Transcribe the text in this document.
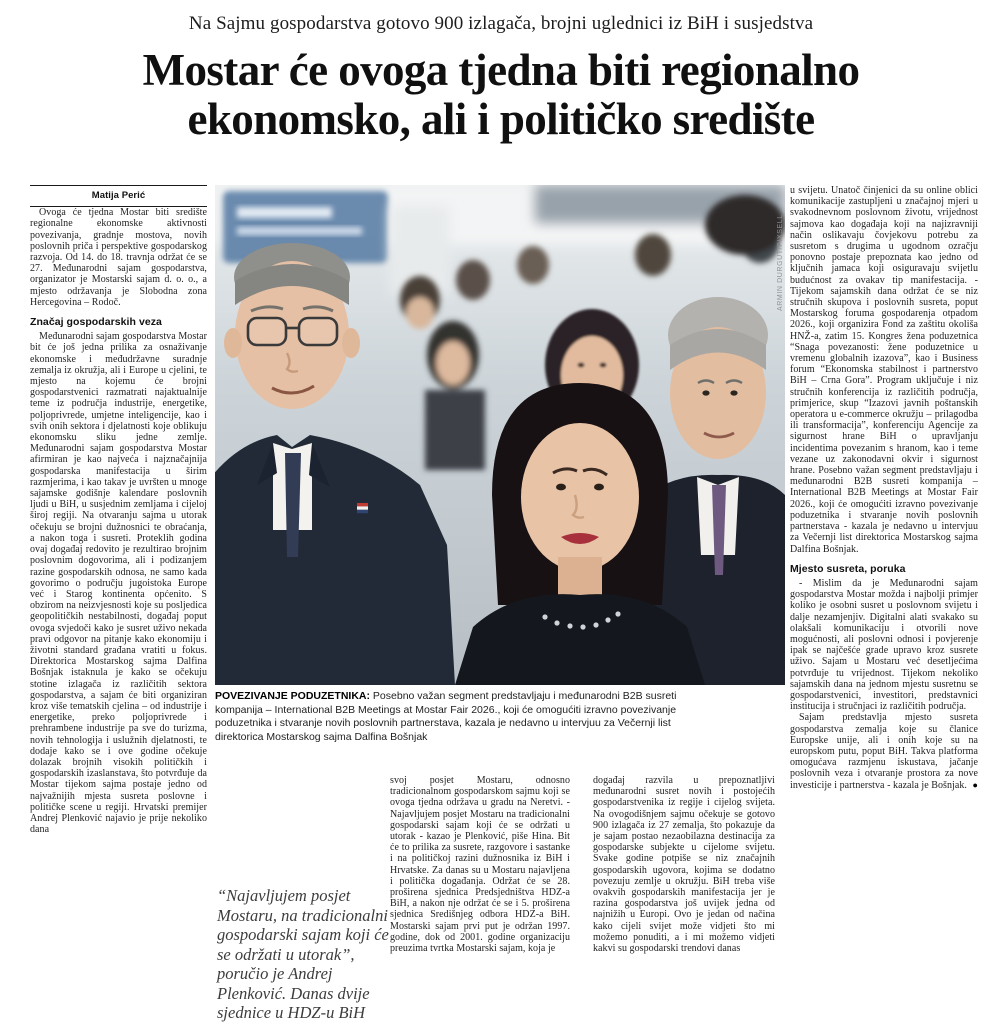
Na Sajmu gospodarstva gotovo 900 izlagača, brojni uglednici iz BiH i susjedstva
Mostar će ovoga tjedna biti regionalno
ekonomsko, ali i političko središte
Matija Perić

Ovoga će tjedna Mostar biti središte regionalne ekonomske aktivnosti povezivanja, gradnje mostova, novih poslovnih priča i perspektive gospodarskog razvoja. Od 14. do 18. travnja održat će se 27. Međunarodni sajam gospodarstva, organizator je Mostarski sajam d. o. o., a mjesto održavanja je Slobodna zona Hercegovina – Rodoč.

Značaj gospodarskih veza

Međunarodni sajam gospodarstva Mostar bit će još jedna prilika za osnaživanje ekonomske i međudržavne suradnje zemalja iz okružja, ali i Europe u cjelini, te mjesto na kojemu će brojni gospodarstvenici razmatrati najaktualnije teme iz područja industrije, energetike, poljoprivrede, umjetne inteligencije, kao i svih onih sektora i djelatnosti koje oblikuju ekonomsku sliku jedne zemlje. Međunarodni sajam gospodarstva Mostar afirmiran je kao najveća i najznačajnija gospodarska manifestacija u širim razmjerima, i kao takav je uvršten u mnoge sajamske godišnje kalendare poslovnih ljudi u BiH, u susjednim zemljama i cijeloj široj regiji. Na otvaranju sajma u utorak očekuju se brojni dužnosnici te obraćanja, a nakon toga i susreti. Proteklih godina ovaj događaj redovito je rezultirao brojnim poslovnim dogovorima, ali i podizanjem razine gospodarskih odnosa, ne samo kada govorimo o području jugoistoka Europe već i Starog kontinenta općenito. S obzirom na neizvjesnosti koje su posljedica geopolitičkih nestabilnosti, događaj poput ovoga svjedoči kako je susret uživo nekada pravi odgovor na pitanje kako ekonomiju i životni standard građana vratiti u fokus. Direktorica Mostarskog sajma Dalfina Bošnjak istaknula je kako se očekuju stotine izlagača iz različitih sektora gospodarstva, a sajam će biti organiziran kroz više tematskih cjelina – od industrije i energetike, preko poljoprivrede i prehrambene industrije pa sve do turizma, novih tehnologija i uslužnih djelatnosti, te dodaje kako se i ove godine očekuje dolazak brojnih visokih političkih i gospodarskih izaslanstava, što potvrđuje da Mostar tijekom sajma postaje jedno od najvažnijih mjesta susreta poslovne i političke scene u regiji. Hrvatski premijer Andrej Plenković najavio je prije nekoliko dana

ARMIN DURGUT/PIXSELL
POVEZIVANJE PODUZETNIKA: Posebno važan segment predstavljaju i međunarodni B2B susreti kompanija – International B2B Meetings at Mostar Fair 2026., koji će omogućiti izravno povezivanje poduzetnika i stvaranje novih poslovnih partnerstava, kazala je nedavno u intervjuu za Večernji list direktorica Mostarskog sajma Dalfina Bošnjak
“Najavljujem posjet Mostaru, na tradicionalni gospodarski sajam koji će se održati u utorak”, poručio je Andrej Plenković. Danas dvije sjednice u HDZ-u BiH

svoj posjet Mostaru, odnosno tradicionalnom gospodarskom sajmu koji se ovoga tjedna održava u gradu na Neretvi. - Najavljujem posjet Mostaru na tradicionalni gospodarski sajam koji će se održati u utorak - kazao je Plenković, piše Hina. Bit će to prilika za susrete, razgovore i sastanke i na političkoj razini dužnosnika iz BiH i Hrvatske. Za danas su u Mostaru najavljena i politička događanja. Održat će se 28. proširena sjednica Predsjedništva HDZ-a BiH, a nakon nje održat će se i 5. proširena sjednica Središnjeg odbora HDZ-a BiH. Mostarski sajam prvi put je održan 1997. godine, dok od 2001. godine organizaciju preuzima tvrtka Mostarski sajam, koja je

događaj razvila u prepoznatljivi međunarodni susret novih i postojećih gospodarstvenika iz regije i cijelog svijeta. Na ovogodišnjem sajmu očekuje se gotovo 900 izlagača iz 27 zemalja, što pokazuje da je sajam postao nezaobilazna destinacija za gospodarske subjekte u cijelome svijetu. Svake godine potpiše se niz značajnih gospodarskih ugovora, kojima se dodatno povezuju zemlje u okružju. BiH treba više ovakvih gospodarskih manifestacija jer je razina gospodarstva još uvijek jedna od najnižih u Europi. Ovo je jedan od načina kako cijeli svijet može vidjeti što mi možemo ponuditi, a i mi možemo vidjeti kakvi su gospodarski trendovi danas

u svijetu. Unatoč činjenici da su online oblici komunikacije zastupljeni u značajnoj mjeri u svakodnevnom poslovnom životu, vrijednost sajmova kao događaja koji na najizravniji način oslikavaju čovjekovu potrebu za susretom s drugima u ugodnom ozračju ponovno postaje prepoznata kao jedno od ključnih jamaca koji osiguravaju svijetlu budućnost za ovakav tip manifestacija. - Tijekom sajamskih dana održat će se niz stručnih skupova i poslovnih susreta, poput Mostarskog foruma gospodarenja otpadom 2026., koji organizira Fond za zaštitu okoliša HNŽ-a, zatim 15. Kongres žena poduzetnica “Snaga povezanosti: žene poduzetnice u vremenu globalnih izazova”, kao i Business forum “Ekonomska stabilnost i partnerstvo BiH – Crna Gora”. Program uključuje i niz stručnih konferencija iz različitih područja, primjerice, skup “Izazovi javnih poštanskih operatora u e-commerce okružju – prilagodba ili transformacija”, konferenciju Agencije za sigurnost hrane BiH o upravljanju incidentima povezanim s hranom, kao i teme vezane uz zakonodavni okvir i sigurnost hrane. Posebno važan segment predstavljaju i međunarodni B2B susreti kompanija – International B2B Meetings at Mostar Fair 2026., koji će omogućiti izravno povezivanje poduzetnika i stvaranje novih poslovnih partnerstava - kazala je nedavno u intervjuu za Večernji list direktorica Mostarskog sajma Dalfina Bošnjak.

Mjesto susreta, poruka

- Mislim da je Međunarodni sajam gospodarstva Mostar možda i najbolji primjer koliko je osobni susret u poslovnom svijetu i dalje nezamjenjiv. Digitalni alati svakako su olakšali komunikaciju i otvorili nove mogućnosti, ali poslovni odnosi i povjerenje ipak se najčešće grade upravo kroz susrete uživo. Sajam u Mostaru već desetljećima potvrđuje tu vrijednost. Tijekom nekoliko sajamskih dana na jednom mjestu susretnu se gospodarstvenici, investitori, predstavnici institucija i stručnjaci iz različitih područja.

Sajam predstavlja mjesto susreta gospodarstva zemalja koje su članice Europske unije, ali i onih koje su na europskom putu, poput BiH. Takva platforma omogućava razmjenu iskustava, jačanje poslovnih veza i otvaranje prostora za nove investicije i partnerstva - kazala je Bošnjak. ●
